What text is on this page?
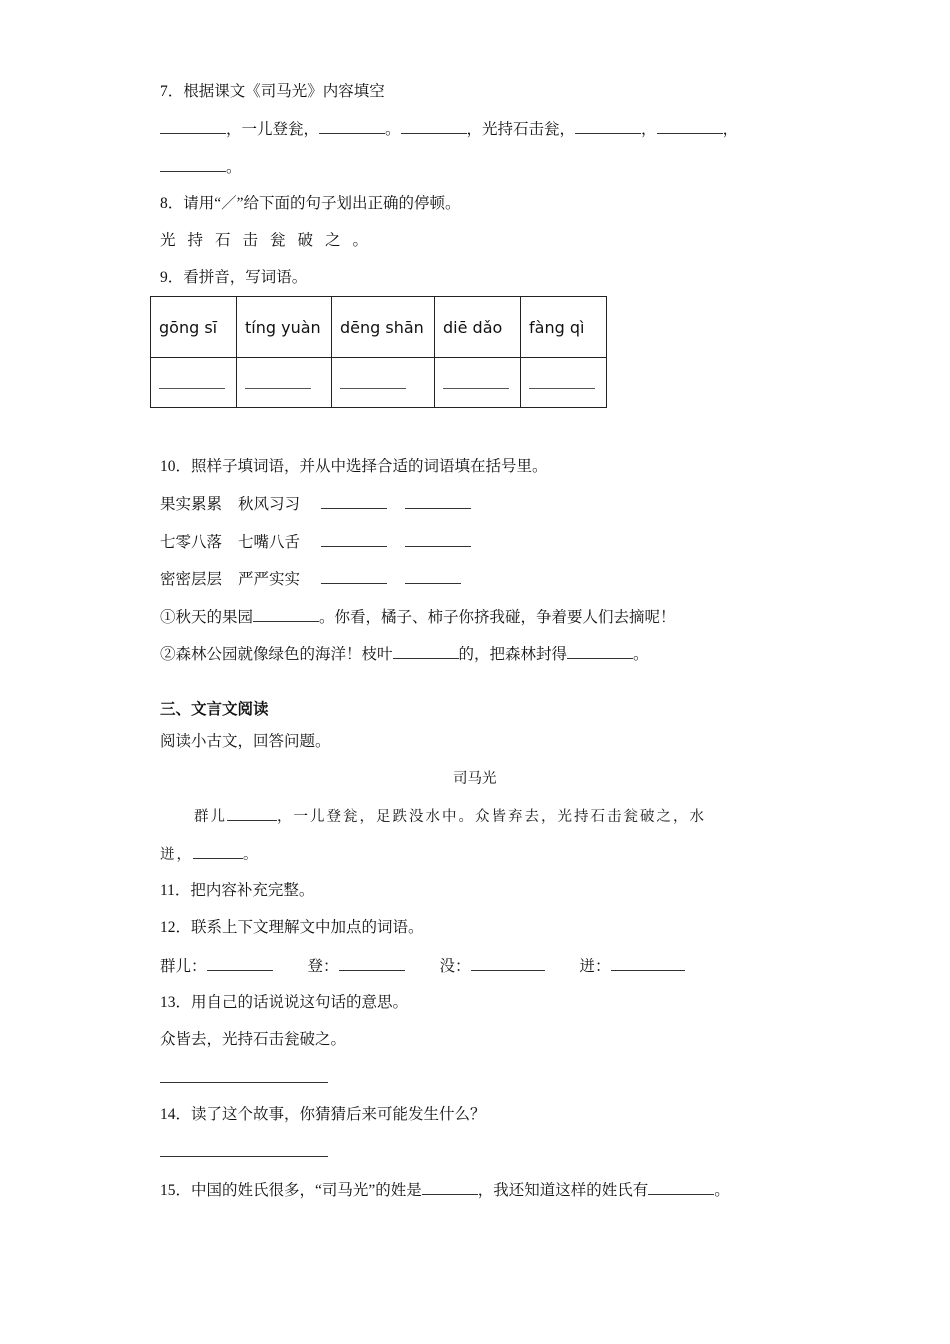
7．根据课文《司马光》内容填空
，一儿登瓮，	。	，光持石击瓮，	，	，
。
8．请用“／”给下面的句子划出正确的停顿。
光持石击瓮破之。
9．看拼音，写词语。
gōng sī	tíng yuàn	dēng shān	diē dǎo	fàng qì

10．照样子填词语，并从中选择合适的词语填在括号里。
果实累累 秋风习习
七零八落 七嘴八舌
密密层层 严严实实
①秋天的果园	。你看，橘子、柿子你挤我碰，争着要人们去摘呢！
②森林公园就像绿色的海洋！枝叶	的，把森林封得	。
三、文言文阅读
阅读小古文，回答问题。
司马光
群儿	，一儿登瓮，足跌没水中。众皆弃去，光持石击瓮破之，水
迸，	。
11．把内容补充完整。
12．联系上下文理解文中加点的词语。
群儿：	登：	没：	迸：
13．用自己的话说说这句话的意思。
众皆去，光持石击瓮破之。
14．读了这个故事，你猜猜后来可能发生什么？
15．中国的姓氏很多，“司马光”的姓是	，我还知道这样的姓氏有	。
